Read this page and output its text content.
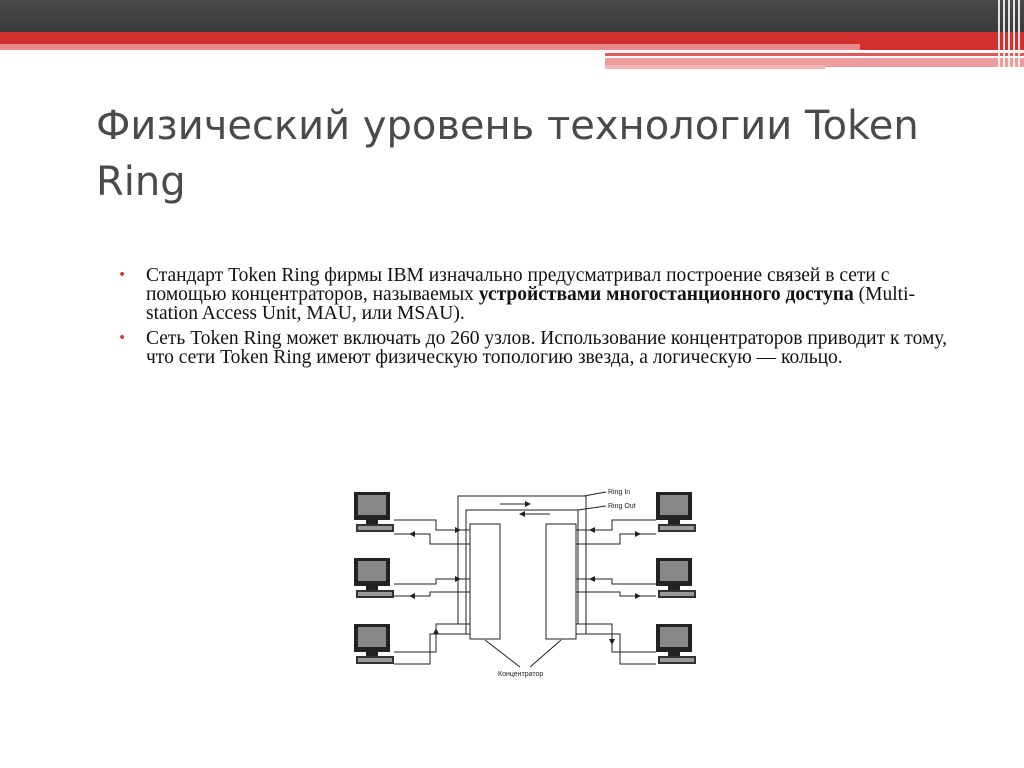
Физический уровень технологии Token Ring
• Стандарт Token Ring фирмы IBM изначально предусматривал построение связей в сети с помощью концентраторов, называемых устройствами многостанционного доступа (Multi-station Access Unit, MAU, или MSAU).
• Сеть Token Ring может включать до 260 узлов. Использование концентраторов приводит к тому, что сети Token Ring имеют физическую топологию звезда, а логическую — кольцо.
Ring In
Ring Out
Концентратор
